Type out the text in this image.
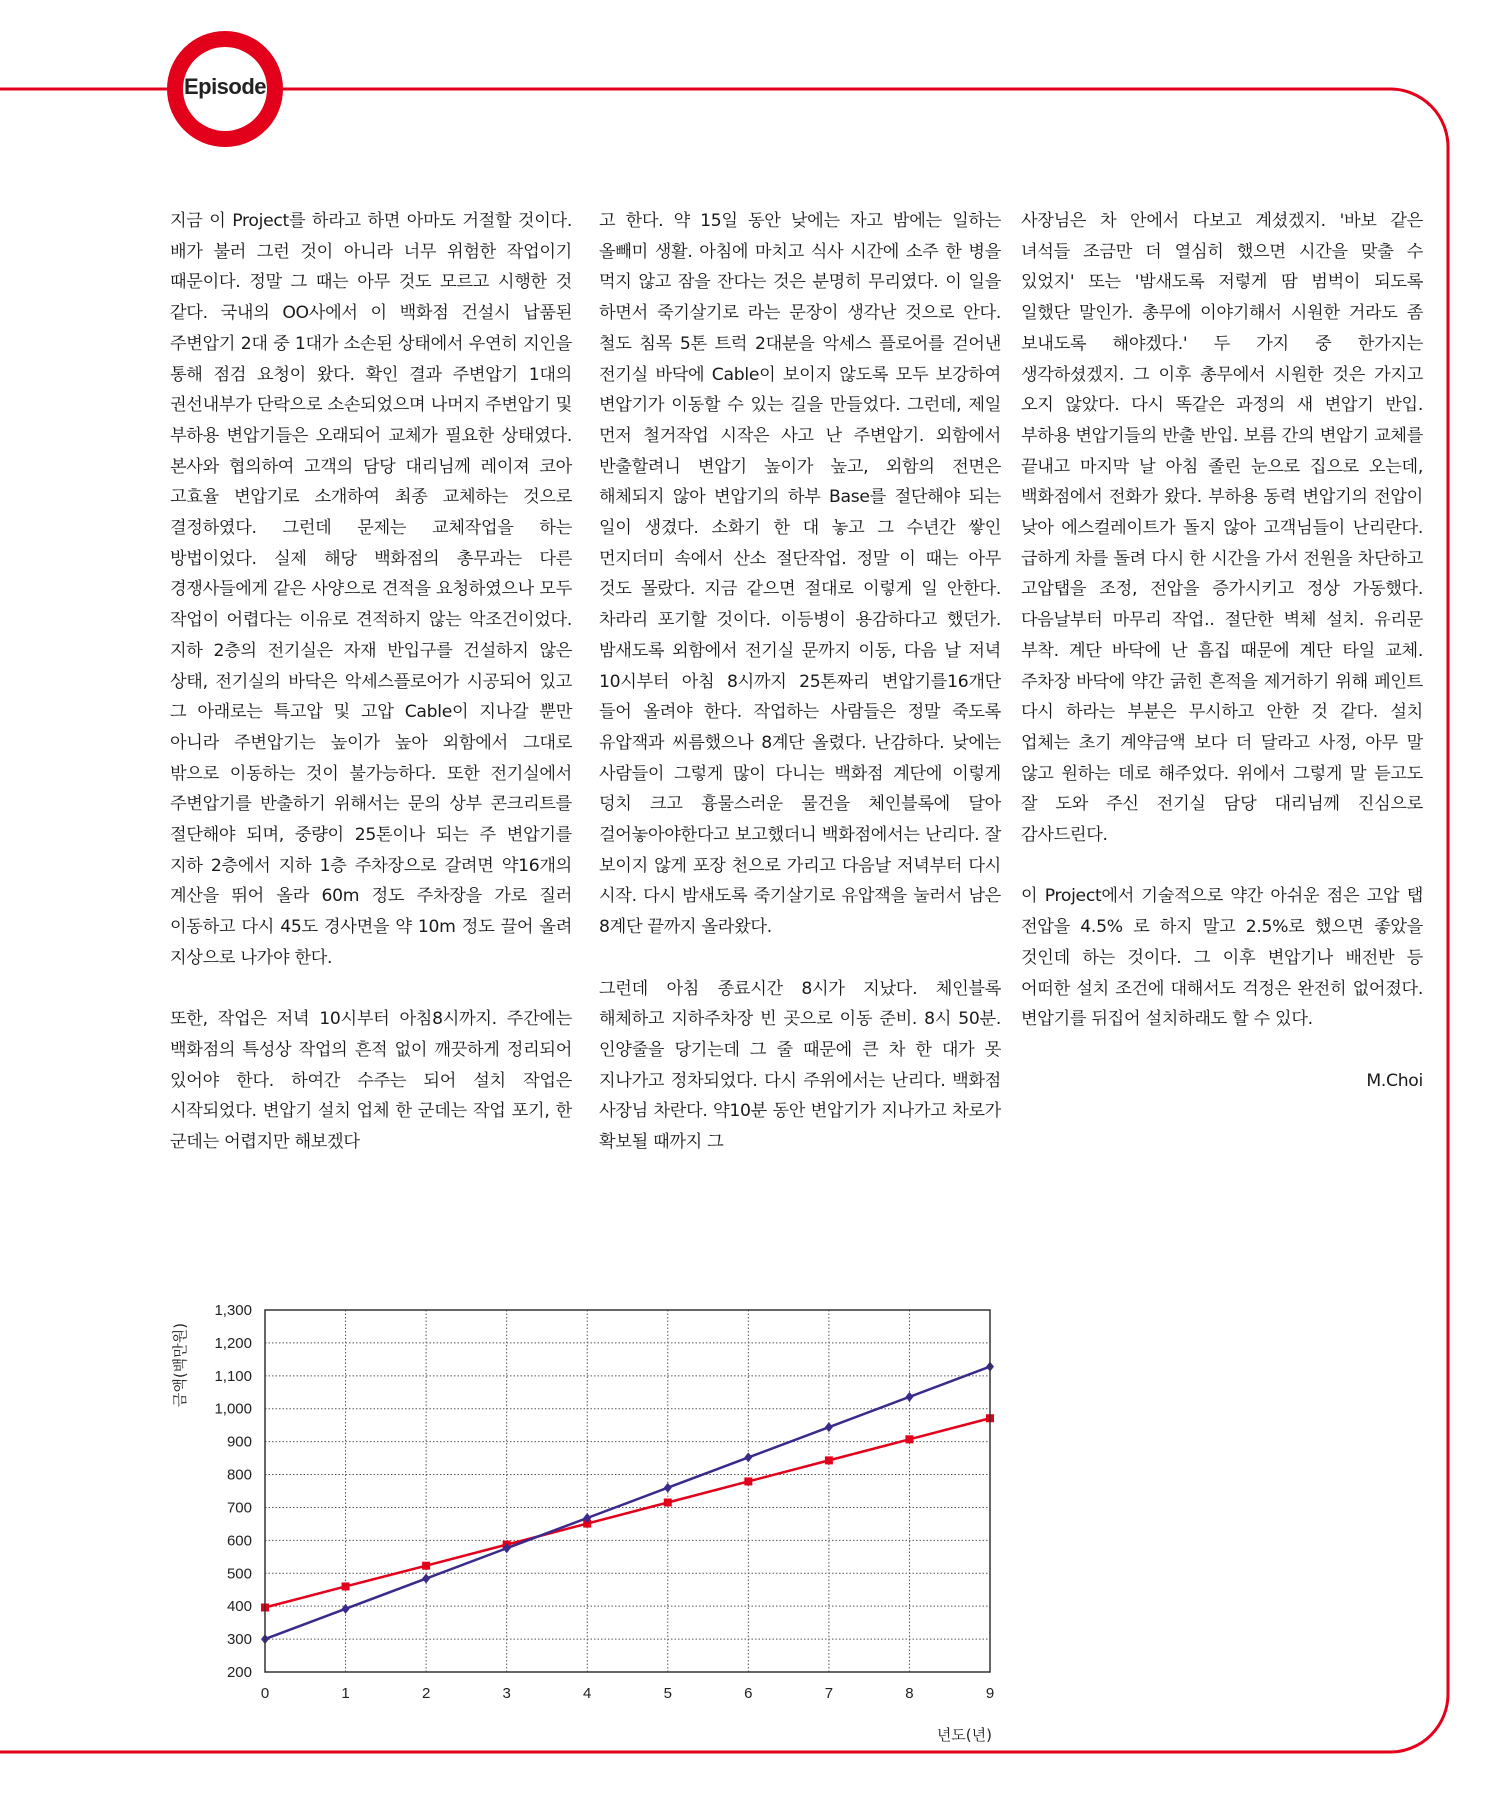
Episode

지금 이 Project를 하라고 하면 아마도 거절할 것이다. 배가 불러 그런 것이 아니라 너무 위험한 작업이기 때문이다. 정말 그 때는 아무 것도 모르고 시행한 것 같다. 국내의 OO사에서 이 백화점 건설시 납품된 주변압기 2대 중 1대가 소손된 상태에서 우연히 지인을 통해 점검 요청이 왔다. 확인 결과 주변압기 1대의 권선내부가 단락으로 소손되었으며 나머지 주변압기 및 부하용 변압기들은 오래되어 교체가 필요한 상태였다. 본사와 협의하여 고객의 담당 대리님께 레이져 코아 고효율 변압기로 소개하여 최종 교체하는 것으로 결정하였다. 그런데 문제는 교체작업을 하는 방법이었다. 실제 해당 백화점의 총무과는 다른 경쟁사들에게 같은 사양으로 견적을 요청하였으나 모두 작업이 어렵다는 이유로 견적하지 않는 악조건이었다. 지하 2층의 전기실은 자재 반입구를 건설하지 않은 상태, 전기실의 바닥은 악세스플로어가 시공되어 있고 그 아래로는 특고압 및 고압 Cable이 지나갈 뿐만 아니라 주변압기는 높이가 높아 외함에서 그대로 밖으로 이동하는 것이 불가능하다. 또한 전기실에서 주변압기를 반출하기 위해서는 문의 상부 콘크리트를 절단해야 되며, 중량이 25톤이나 되는 주 변압기를 지하 2층에서 지하 1층 주차장으로 갈려면 약16개의 계산을 뛰어 올라 60m 정도 주차장을 가로 질러 이동하고 다시 45도 경사면을 약 10m 정도 끌어 올려 지상으로 나가야 한다.

또한, 작업은 저녁 10시부터 아침8시까지. 주간에는 백화점의 특성상 작업의 흔적 없이 깨끗하게 정리되어 있어야 한다. 하여간 수주는 되어 설치 작업은 시작되었다. 변압기 설치 업체 한 군데는 작업 포기, 한 군데는 어렵지만 해보겠다

고 한다. 약 15일 동안 낮에는 자고 밤에는 일하는 올빼미 생활. 아침에 마치고 식사 시간에 소주 한 병을 먹지 않고 잠을 잔다는 것은 분명히 무리였다. 이 일을 하면서 죽기살기로 라는 문장이 생각난 것으로 안다. 철도 침목 5톤 트럭 2대분을 악세스 플로어를 걷어낸 전기실 바닥에 Cable이 보이지 않도록 모두 보강하여 변압기가 이동할 수 있는 길을 만들었다. 그런데, 제일 먼저 철거작업 시작은 사고 난 주변압기. 외함에서 반출할려니 변압기 높이가 높고, 외함의 전면은 해체되지 않아 변압기의 하부 Base를 절단해야 되는 일이 생겼다. 소화기 한 대 놓고 그 수년간 쌓인 먼지더미 속에서 산소 절단작업. 정말 이 때는 아무 것도 몰랐다. 지금 같으면 절대로 이렇게 일 안한다. 차라리 포기할 것이다. 이등병이 용감하다고 했던가. 밤새도록 외함에서 전기실 문까지 이동, 다음 날 저녁 10시부터 아침 8시까지 25톤짜리 변압기를16개단 들어 올려야 한다. 작업하는 사람들은 정말 죽도록 유압잭과 씨름했으나 8계단 올렸다. 난감하다. 낮에는 사람들이 그렇게 많이 다니는 백화점 계단에 이렇게 덩치 크고 흉물스러운 물건을 체인블록에 달아 걸어놓아야한다고 보고했더니 백화점에서는 난리다. 잘 보이지 않게 포장 천으로 가리고 다음날 저녁부터 다시 시작. 다시 밤새도록 죽기살기로 유압잭을 눌러서 남은 8계단 끝까지 올라왔다.

그런데 아침 종료시간 8시가 지났다. 체인블록 해체하고 지하주차장 빈 곳으로 이동 준비. 8시 50분. 인양줄을 당기는데 그 줄 때문에 큰 차 한 대가 못 지나가고 정차되었다. 다시 주위에서는 난리다. 백화점 사장님 차란다. 약10분 동안 변압기가 지나가고 차로가 확보될 때까지 그

사장님은 차 안에서 다보고 계셨겠지. '바보 같은 녀석들 조금만 더 열심히 했으면 시간을 맞출 수 있었지' 또는 '밤새도록 저렇게 땀 범벅이 되도록 일했단 말인가. 총무에 이야기해서 시원한 거라도 좀 보내도록 해야겠다.' 두 가지 중 한가지는 생각하셨겠지. 그 이후 총무에서 시원한 것은 가지고 오지 않았다. 다시 똑같은 과정의 새 변압기 반입. 부하용 변압기들의 반출 반입. 보름 간의 변압기 교체를 끝내고 마지막 날 아침 졸린 눈으로 집으로 오는데, 백화점에서 전화가 왔다. 부하용 동력 변압기의 전압이 낮아 에스컬레이트가 돌지 않아 고객님들이 난리란다. 급하게 차를 돌려 다시 한 시간을 가서 전원을 차단하고 고압탭을 조정, 전압을 증가시키고 정상 가동했다. 다음날부터 마무리 작업.. 절단한 벽체 설치. 유리문 부착. 계단 바닥에 난 흠집 때문에 계단 타일 교체. 주차장 바닥에 약간 긁힌 흔적을 제거하기 위해 페인트 다시 하라는 부분은 무시하고 안한 것 같다. 설치 업체는 초기 계약금액 보다 더 달라고 사정, 아무 말 않고 원하는 데로 해주었다. 위에서 그렇게 말 듣고도 잘 도와 주신 전기실 담당 대리님께 진심으로 감사드린다.

이 Project에서 기술적으로 약간 아쉬운 점은 고압 탭 전압을 4.5% 로 하지 말고 2.5%로 했으면 좋았을 것인데 하는 것이다. 그 이후 변압기나 배전반 등 어떠한 설치 조건에 대해서도 걱정은 완전히 없어졌다. 변압기를 뒤집어 설치하래도 할 수 있다.

M.Choi

200
300
400
500
600
700
800
900
1,000
1,100
1,200
1,300
0	1	2	3	4	5	6	7	8	9
금액(백만원)
년도(년)
